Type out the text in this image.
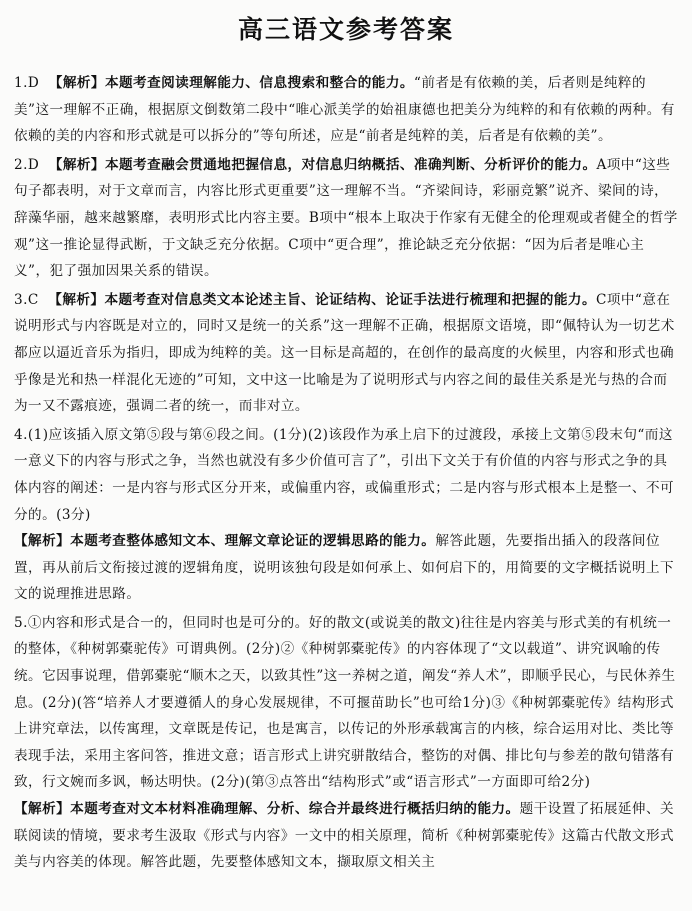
高三语文参考答案

1.D 【解析】本题考查阅读理解能力、信息搜索和整合的能力。“前者是有依赖的美，后者则是纯粹的美”这一理解不正确，根据原文倒数第二段中“唯心派美学的始祖康德也把美分为纯粹的和有依赖的两种。有依赖的美的内容和形式就是可以拆分的”等句所述，应是“前者是纯粹的美，后者是有依赖的美”。

2.D 【解析】本题考查融会贯通地把握信息，对信息归纳概括、准确判断、分析评价的能力。A项中“这些句子都表明，对于文章而言，内容比形式更重要”这一理解不当。“齐梁间诗，彩丽竞繁”说齐、梁间的诗，辞藻华丽，越来越繁靡，表明形式比内容主要。B项中“根本上取决于作家有无健全的伦理观或者健全的哲学观”这一推论显得武断，于文缺乏充分依据。C项中“更合理”，推论缺乏充分依据：“因为后者是唯心主义”，犯了强加因果关系的错误。

3.C 【解析】本题考查对信息类文本论述主旨、论证结构、论证手法进行梳理和把握的能力。C项中“意在说明形式与内容既是对立的，同时又是统一的关系”这一理解不正确，根据原文语境，即“佩特认为一切艺术都应以逼近音乐为指归，即成为纯粹的美。这一目标是高超的，在创作的最高度的火候里，内容和形式也确乎像是光和热一样混化无迹的”可知，文中这一比喻是为了说明形式与内容之间的最佳关系是光与热的合而为一又不露痕迹，强调二者的统一，而非对立。

4.(1)应该插入原文第⑤段与第⑥段之间。(1分)(2)该段作为承上启下的过渡段，承接上文第⑤段末句“而这一意义下的内容与形式之争，当然也就没有多少价值可言了”，引出下文关于有价值的内容与形式之争的具体内容的阐述：一是内容与形式区分开来，或偏重内容，或偏重形式；二是内容与形式根本上是整一、不可分的。(3分)

【解析】本题考查整体感知文本、理解文章论证的逻辑思路的能力。解答此题，先要指出插入的段落间位置，再从前后文衔接过渡的逻辑角度，说明该独句段是如何承上、如何启下的，用简要的文字概括说明上下文的说理推进思路。

5.①内容和形式是合一的，但同时也是可分的。好的散文(或说美的散文)往往是内容美与形式美的有机统一的整体，《种树郭橐驼传》可谓典例。(2分)②《种树郭橐驼传》的内容体现了“文以载道”、讲究讽喻的传统。它因事说理，借郭橐驼“顺木之天，以致其性”这一养树之道，阐发“养人术”，即顺乎民心，与民休养生息。(2分)(答“培养人才要遵循人的身心发展规律，不可揠苗助长”也可给1分)③《种树郭橐驼传》结构形式上讲究章法，以传寓理，文章既是传记，也是寓言，以传记的外形承载寓言的内核，综合运用对比、类比等表现手法，采用主客问答，推进文意；语言形式上讲究骈散结合，整饬的对偶、排比句与参差的散句错落有致，行文婉而多讽，畅达明快。(2分)(第③点答出“结构形式”或“语言形式”一方面即可给2分)

【解析】本题考查对文本材料准确理解、分析、综合并最终进行概括归纳的能力。题干设置了拓展延伸、关联阅读的情境，要求考生汲取《形式与内容》一文中的相关原理，简析《种树郭橐驼传》这篇古代散文形式美与内容美的体现。解答此题，先要整体感知文本，撷取原文相关主
